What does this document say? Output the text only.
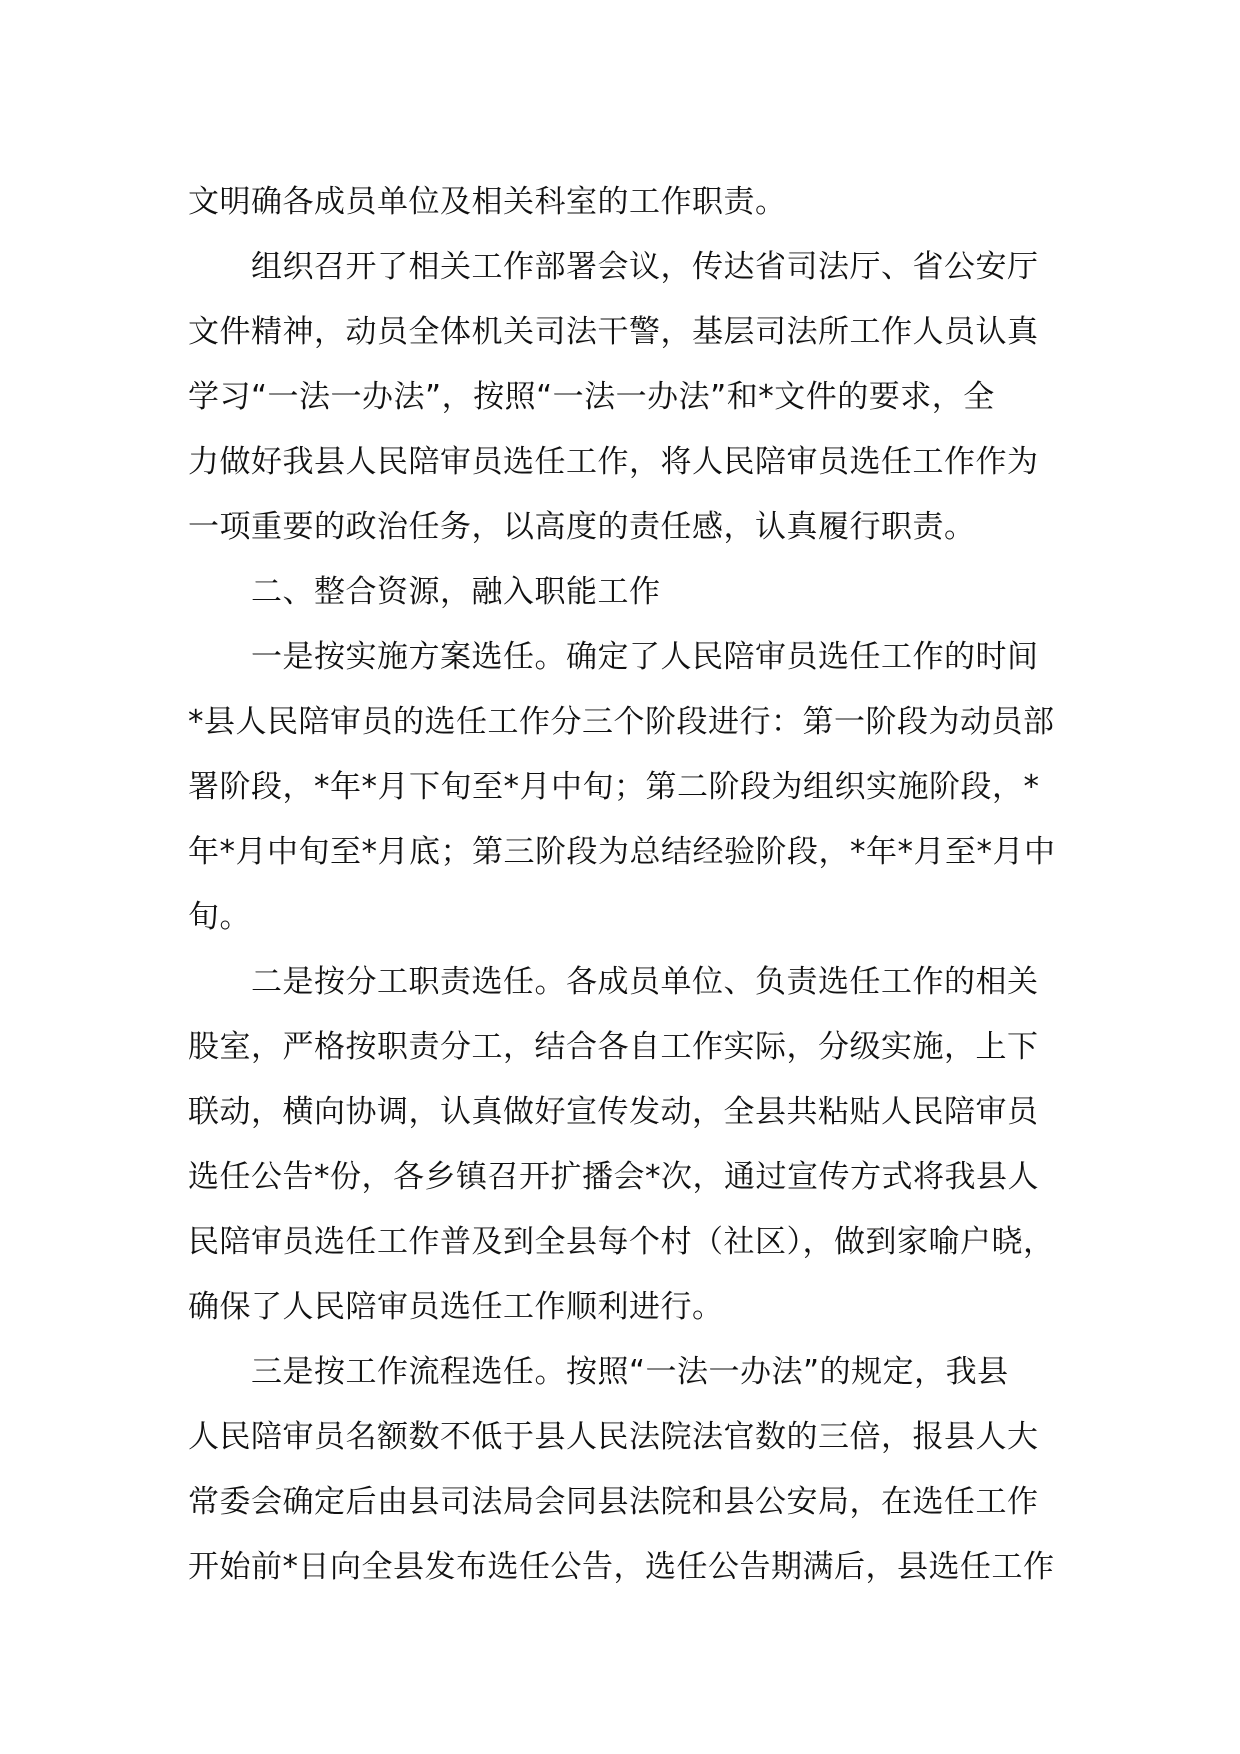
文明确各成员单位及相关科室的工作职责。
组织召开了相关工作部署会议，传达省司法厅、省公安厅
文件精神，动员全体机关司法干警，基层司法所工作人员认真
学习“一法一办法”，按照“一法一办法”和*文件的要求，全
力做好我县人民陪审员选任工作，将人民陪审员选任工作作为
一项重要的政治任务，以高度的责任感，认真履行职责。
二、整合资源，融入职能工作
一是按实施方案选任。确定了人民陪审员选任工作的时间
*县人民陪审员的选任工作分三个阶段进行：第一阶段为动员部
署阶段，*年*月下旬至*月中旬；第二阶段为组织实施阶段，*
年*月中旬至*月底；第三阶段为总结经验阶段，*年*月至*月中
旬。
二是按分工职责选任。各成员单位、负责选任工作的相关
股室，严格按职责分工，结合各自工作实际，分级实施，上下
联动，横向协调，认真做好宣传发动，全县共粘贴人民陪审员
选任公告*份，各乡镇召开扩播会*次，通过宣传方式将我县人
民陪审员选任工作普及到全县每个村（社区），做到家喻户晓，
确保了人民陪审员选任工作顺利进行。
三是按工作流程选任。按照“一法一办法”的规定，我县
人民陪审员名额数不低于县人民法院法官数的三倍，报县人大
常委会确定后由县司法局会同县法院和县公安局，在选任工作
开始前*日向全县发布选任公告，选任公告期满后，县选任工作
